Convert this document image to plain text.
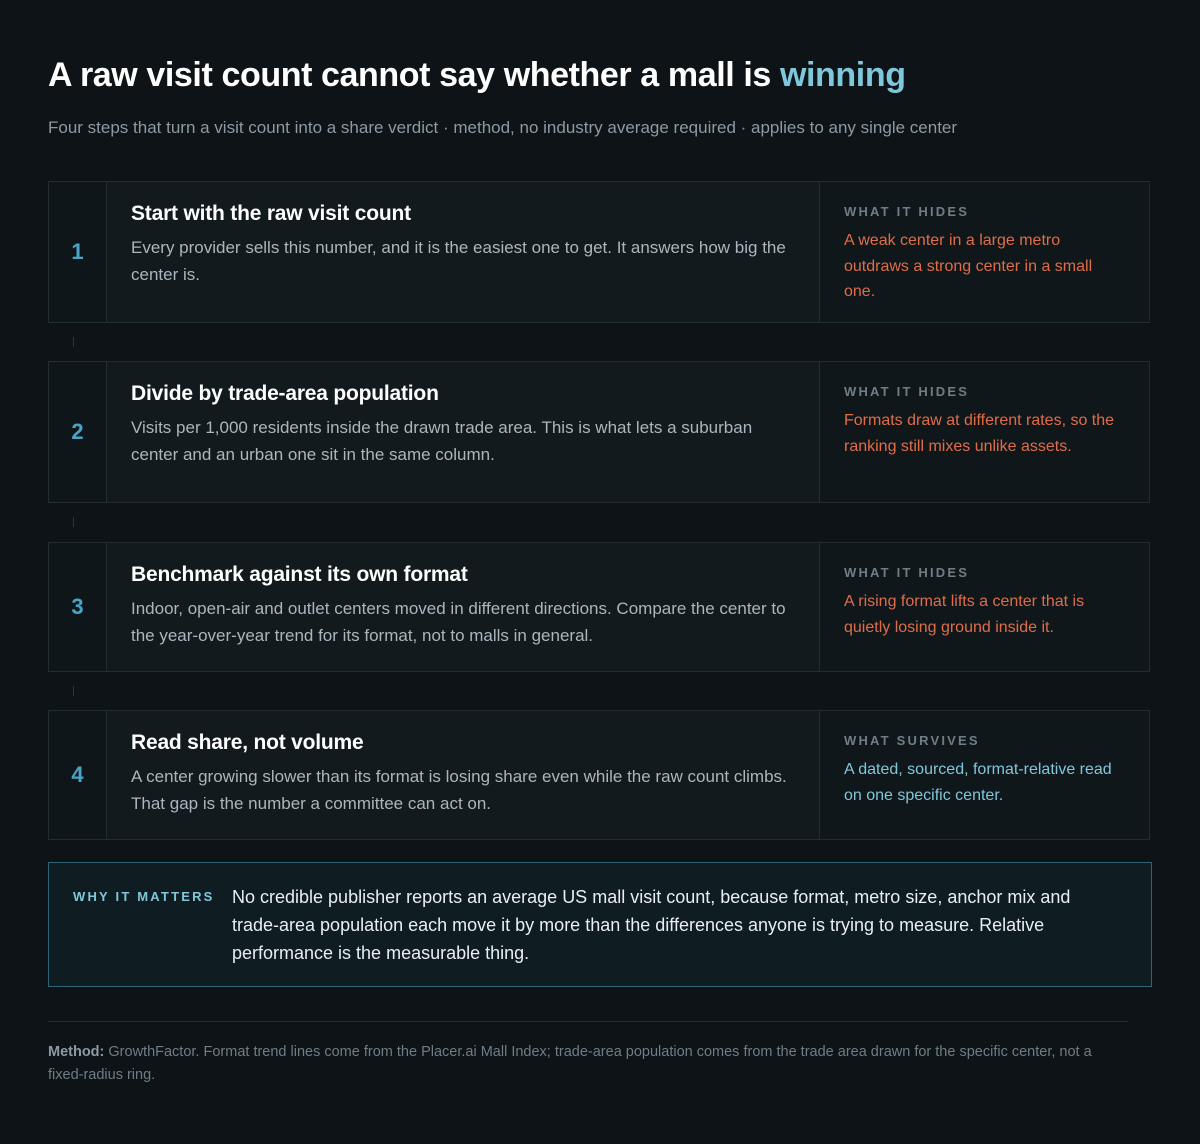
A raw visit count cannot say whether a mall is winning

Four steps that turn a visit count into a share verdict · method, no industry average required · applies to any single center

1
Start with the raw visit count

Every provider sells this number, and it is the easiest one to get. It answers how big the center is.

WHAT IT HIDES
A weak center in a large metro outdraws a strong center in a small one.
2
Divide by trade-area population

Visits per 1,000 residents inside the drawn trade area. This is what lets a suburban center and an urban one sit in the same column.

WHAT IT HIDES
Formats draw at different rates, so the ranking still mixes unlike assets.
3
Benchmark against its own format

Indoor, open-air and outlet centers moved in different directions. Compare the center to the year-over-year trend for its format, not to malls in general.

WHAT IT HIDES
A rising format lifts a center that is quietly losing ground inside it.
4
Read share, not volume

A center growing slower than its format is losing share even while the raw count climbs. That gap is the number a committee can act on.

WHAT SURVIVES
A dated, sourced, format-relative read on one specific center.
WHY IT MATTERS No credible publisher reports an average US mall visit count, because format, metro size, anchor mix and trade-area population each move it by more than the differences anyone is trying to measure. Relative performance is the measurable thing.

Method: GrowthFactor. Format trend lines come from the Placer.ai Mall Index; trade-area population comes from the trade area drawn for the specific center, not a fixed-radius ring.
